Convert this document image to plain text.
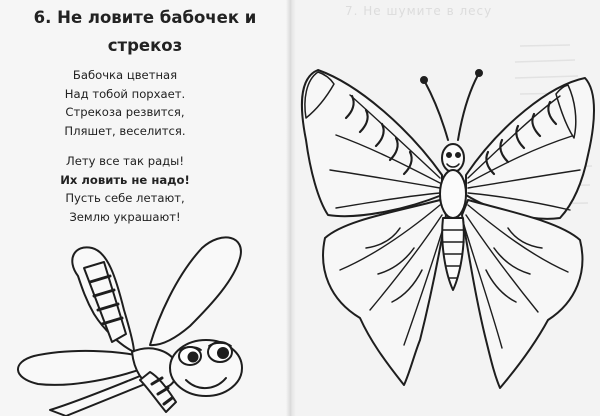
7. Не шумите в лесу
6. Не ловите бабочек и
стрекоз
Бабочка цветная
Над тобой порхает.
Стрекоза резвится,
Пляшет, веселится.
Лету все так рады!
Их ловить не надо!
Пусть себе летают,
Землю украшают!
